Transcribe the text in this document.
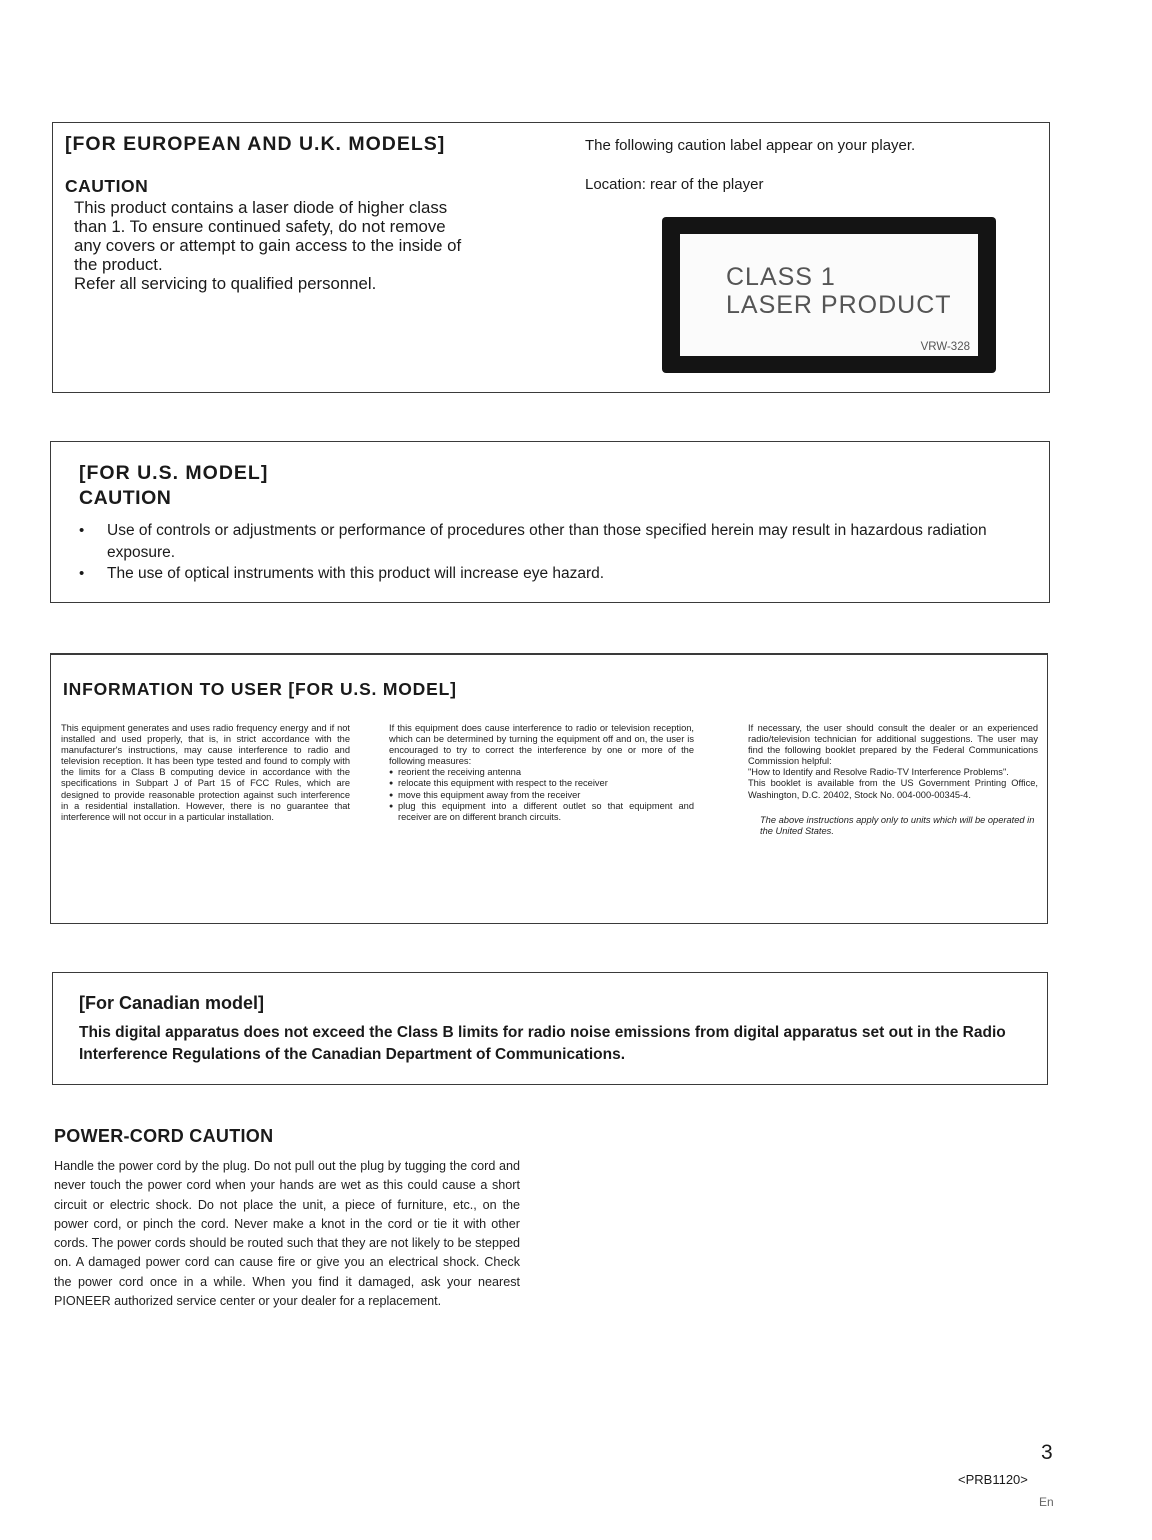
[FOR EUROPEAN AND U.K. MODELS]
CAUTION
This product contains a laser diode of higher class
than 1. To ensure continued safety, do not remove
any covers or attempt to gain access to the inside of
the product.
Refer all servicing to qualified personnel.
The following caution label appear on your player.
Location: rear of the player
CLASS 1
LASER PRODUCT
VRW-328
[FOR U.S. MODEL]
CAUTION
• Use of controls or adjustments or performance of procedures other than those specified herein may result in hazardous radiation exposure.
• The use of optical instruments with this product will increase eye hazard.
INFORMATION TO USER [FOR U.S. MODEL]
This equipment generates and uses radio frequency energy and if not installed and used properly, that is, in strict accordance with the manufacturer's instructions, may cause interference to radio and television reception. It has been type tested and found to comply with the limits for a Class B computing device in accordance with the specifications in Subpart J of Part 15 of FCC Rules, which are designed to provide reasonable protection against such interference in a residential installation. However, there is no guarantee that interference will not occur in a particular installation.
If this equipment does cause interference to radio or television reception, which can be determined by turning the equipment off and on, the user is encouraged to try to correct the interference by one or more of the following measures:
● reorient the receiving antenna
● relocate this equipment with respect to the receiver
● move this equipment away from the receiver
● plug this equipment into a different outlet so that equipment and receiver are on different branch circuits.
If necessary, the user should consult the dealer or an experienced radio/television technician for additional suggestions. The user may find the following booklet prepared by the Federal Communications Commission helpful:
"How to Identify and Resolve Radio-TV Interference Problems".
This booklet is available from the US Government Printing Office, Washington, D.C. 20402, Stock No. 004-000-00345-4.
The above instructions apply only to units which will be operated in the United States.
[For Canadian model]
This digital apparatus does not exceed the Class B limits for radio noise emissions from digital apparatus set out in the Radio Interference Regulations of the Canadian Department of Communications.
POWER-CORD CAUTION
Handle the power cord by the plug. Do not pull out the plug by tugging the cord and never touch the power cord when your hands are wet as this could cause a short circuit or electric shock. Do not place the unit, a piece of furniture, etc., on the power cord, or pinch the cord. Never make a knot in the cord or tie it with other cords. The power cords should be routed such that they are not likely to be stepped on. A damaged power cord can cause fire or give you an electrical shock. Check the power cord once in a while. When you find it damaged, ask your nearest PIONEER authorized service center or your dealer for a replacement.
3
<PRB1120>
En
